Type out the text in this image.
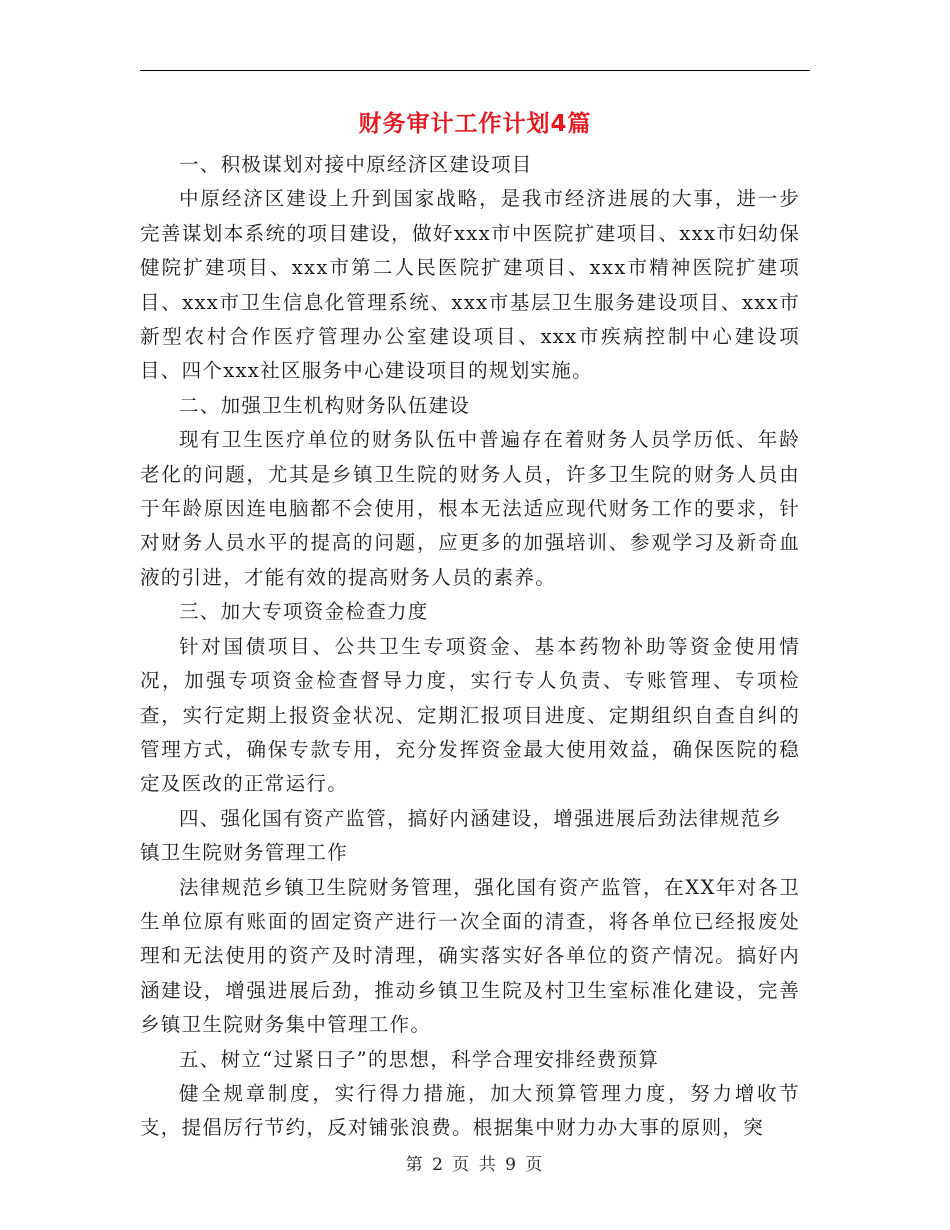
财务审计工作计划4篇

一、积极谋划对接中原经济区建设项目

中原经济区建设上升到国家战略，是我市经济进展的大事，进一步完善谋划本系统的项目建设，做好xxx市中医院扩建项目、xxx市妇幼保健院扩建项目、xxx市第二人民医院扩建项目、xxx市精神医院扩建项目、xxx市卫生信息化管理系统、xxx市基层卫生服务建设项目、xxx市新型农村合作医疗管理办公室建设项目、xxx市疾病控制中心建设项目、四个xxx社区服务中心建设项目的规划实施。

二、加强卫生机构财务队伍建设

现有卫生医疗单位的财务队伍中普遍存在着财务人员学历低、年龄老化的问题，尤其是乡镇卫生院的财务人员，许多卫生院的财务人员由于年龄原因连电脑都不会使用，根本无法适应现代财务工作的要求，针对财务人员水平的提高的问题，应更多的加强培训、参观学习及新奇血液的引进，才能有效的提高财务人员的素养。

三、加大专项资金检查力度

针对国债项目、公共卫生专项资金、基本药物补助等资金使用情况，加强专项资金检查督导力度，实行专人负责、专账管理、专项检查，实行定期上报资金状况、定期汇报项目进度、定期组织自查自纠的管理方式，确保专款专用，充分发挥资金最大使用效益，确保医院的稳定及医改的正常运行。

四、强化国有资产监管，搞好内涵建设，增强进展后劲法律规范乡镇卫生院财务管理工作

法律规范乡镇卫生院财务管理，强化国有资产监管，在XX年对各卫生单位原有账面的固定资产进行一次全面的清查，将各单位已经报废处理和无法使用的资产及时清理，确实落实好各单位的资产情况。搞好内涵建设，增强进展后劲，推动乡镇卫生院及村卫生室标准化建设，完善乡镇卫生院财务集中管理工作。

五、树立“过紧日子”的思想，科学合理安排经费预算

健全规章制度，实行得力措施，加大预算管理力度，努力增收节支，提倡厉行节约，反对铺张浪费。根据集中财力办大事的原则，突

第 2 页 共 9 页
